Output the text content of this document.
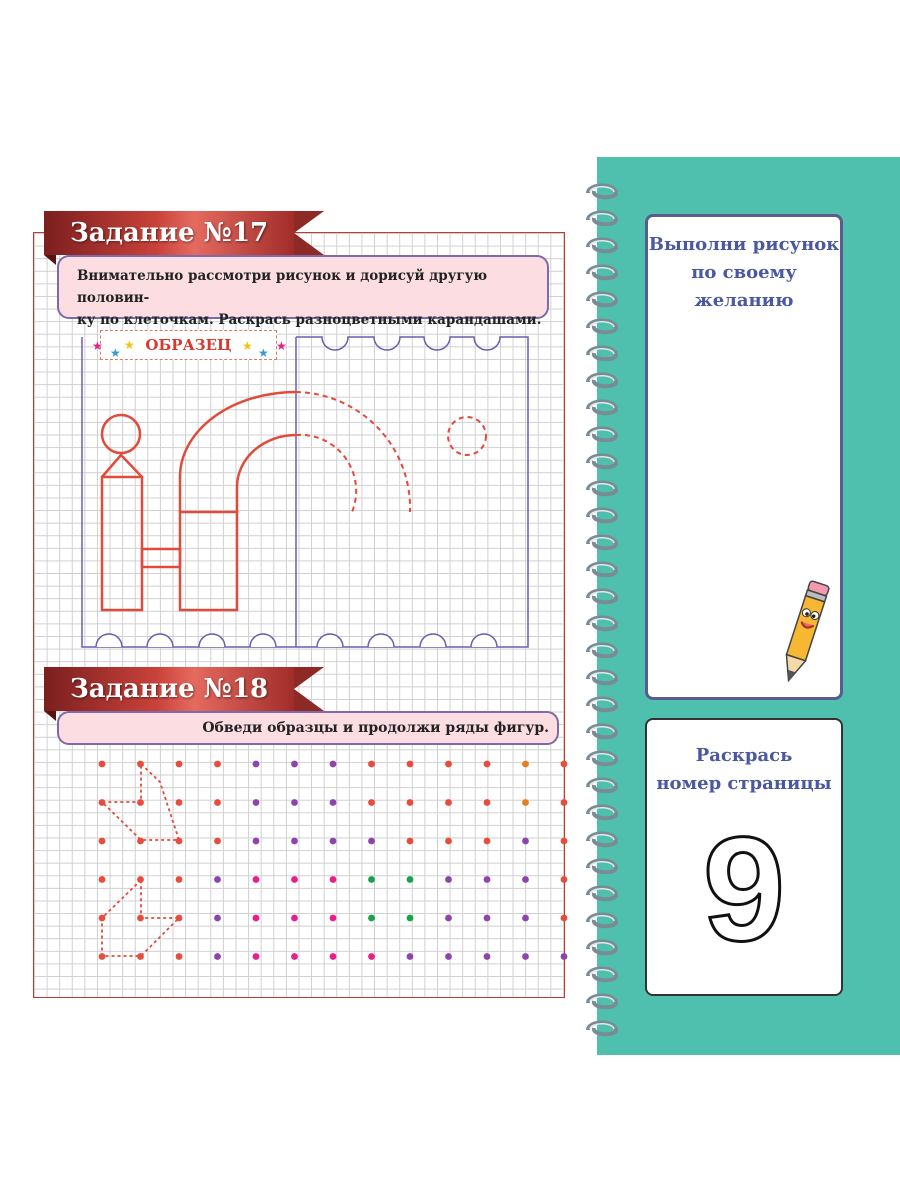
Задание №17
Внимательно рассмотри рисунок и дорисуй другую половин-
ку по клеточкам. Раскрась разноцветными карандашами.
ОБРАЗЕЦ
★ ★
★	★ ★ ★
Задание №18
Обведи образцы и продолжи ряды фигур.
Выполни рисунок
по своему желанию
Раскрась
номер страницы
9
